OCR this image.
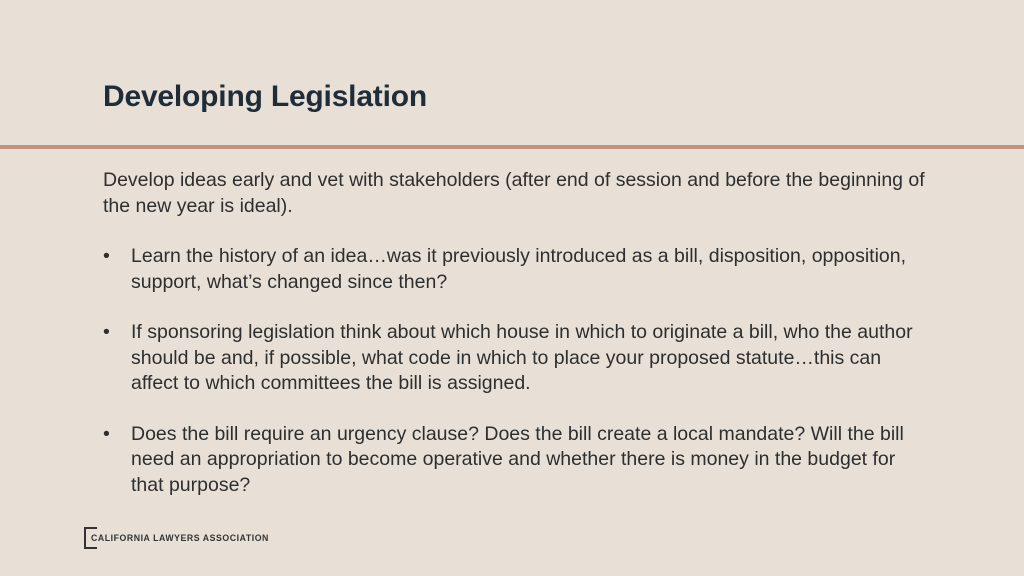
Developing Legislation

Develop ideas early and vet with stakeholders (after end of session and before the beginning of the new year is ideal).

• Learn the history of an idea…was it previously introduced as a bill, disposition, opposition, support, what’s changed since then?
• If sponsoring legislation think about which house in which to originate a bill, who the author should be and, if possible, what code in which to place your proposed statute…this can affect to which committees the bill is assigned.
• Does the bill require an urgency clause? Does the bill create a local mandate? Will the bill need an appropriation to become operative and whether there is money in the budget for that purpose?
CALIFORNIA LAWYERS ASSOCIATION
